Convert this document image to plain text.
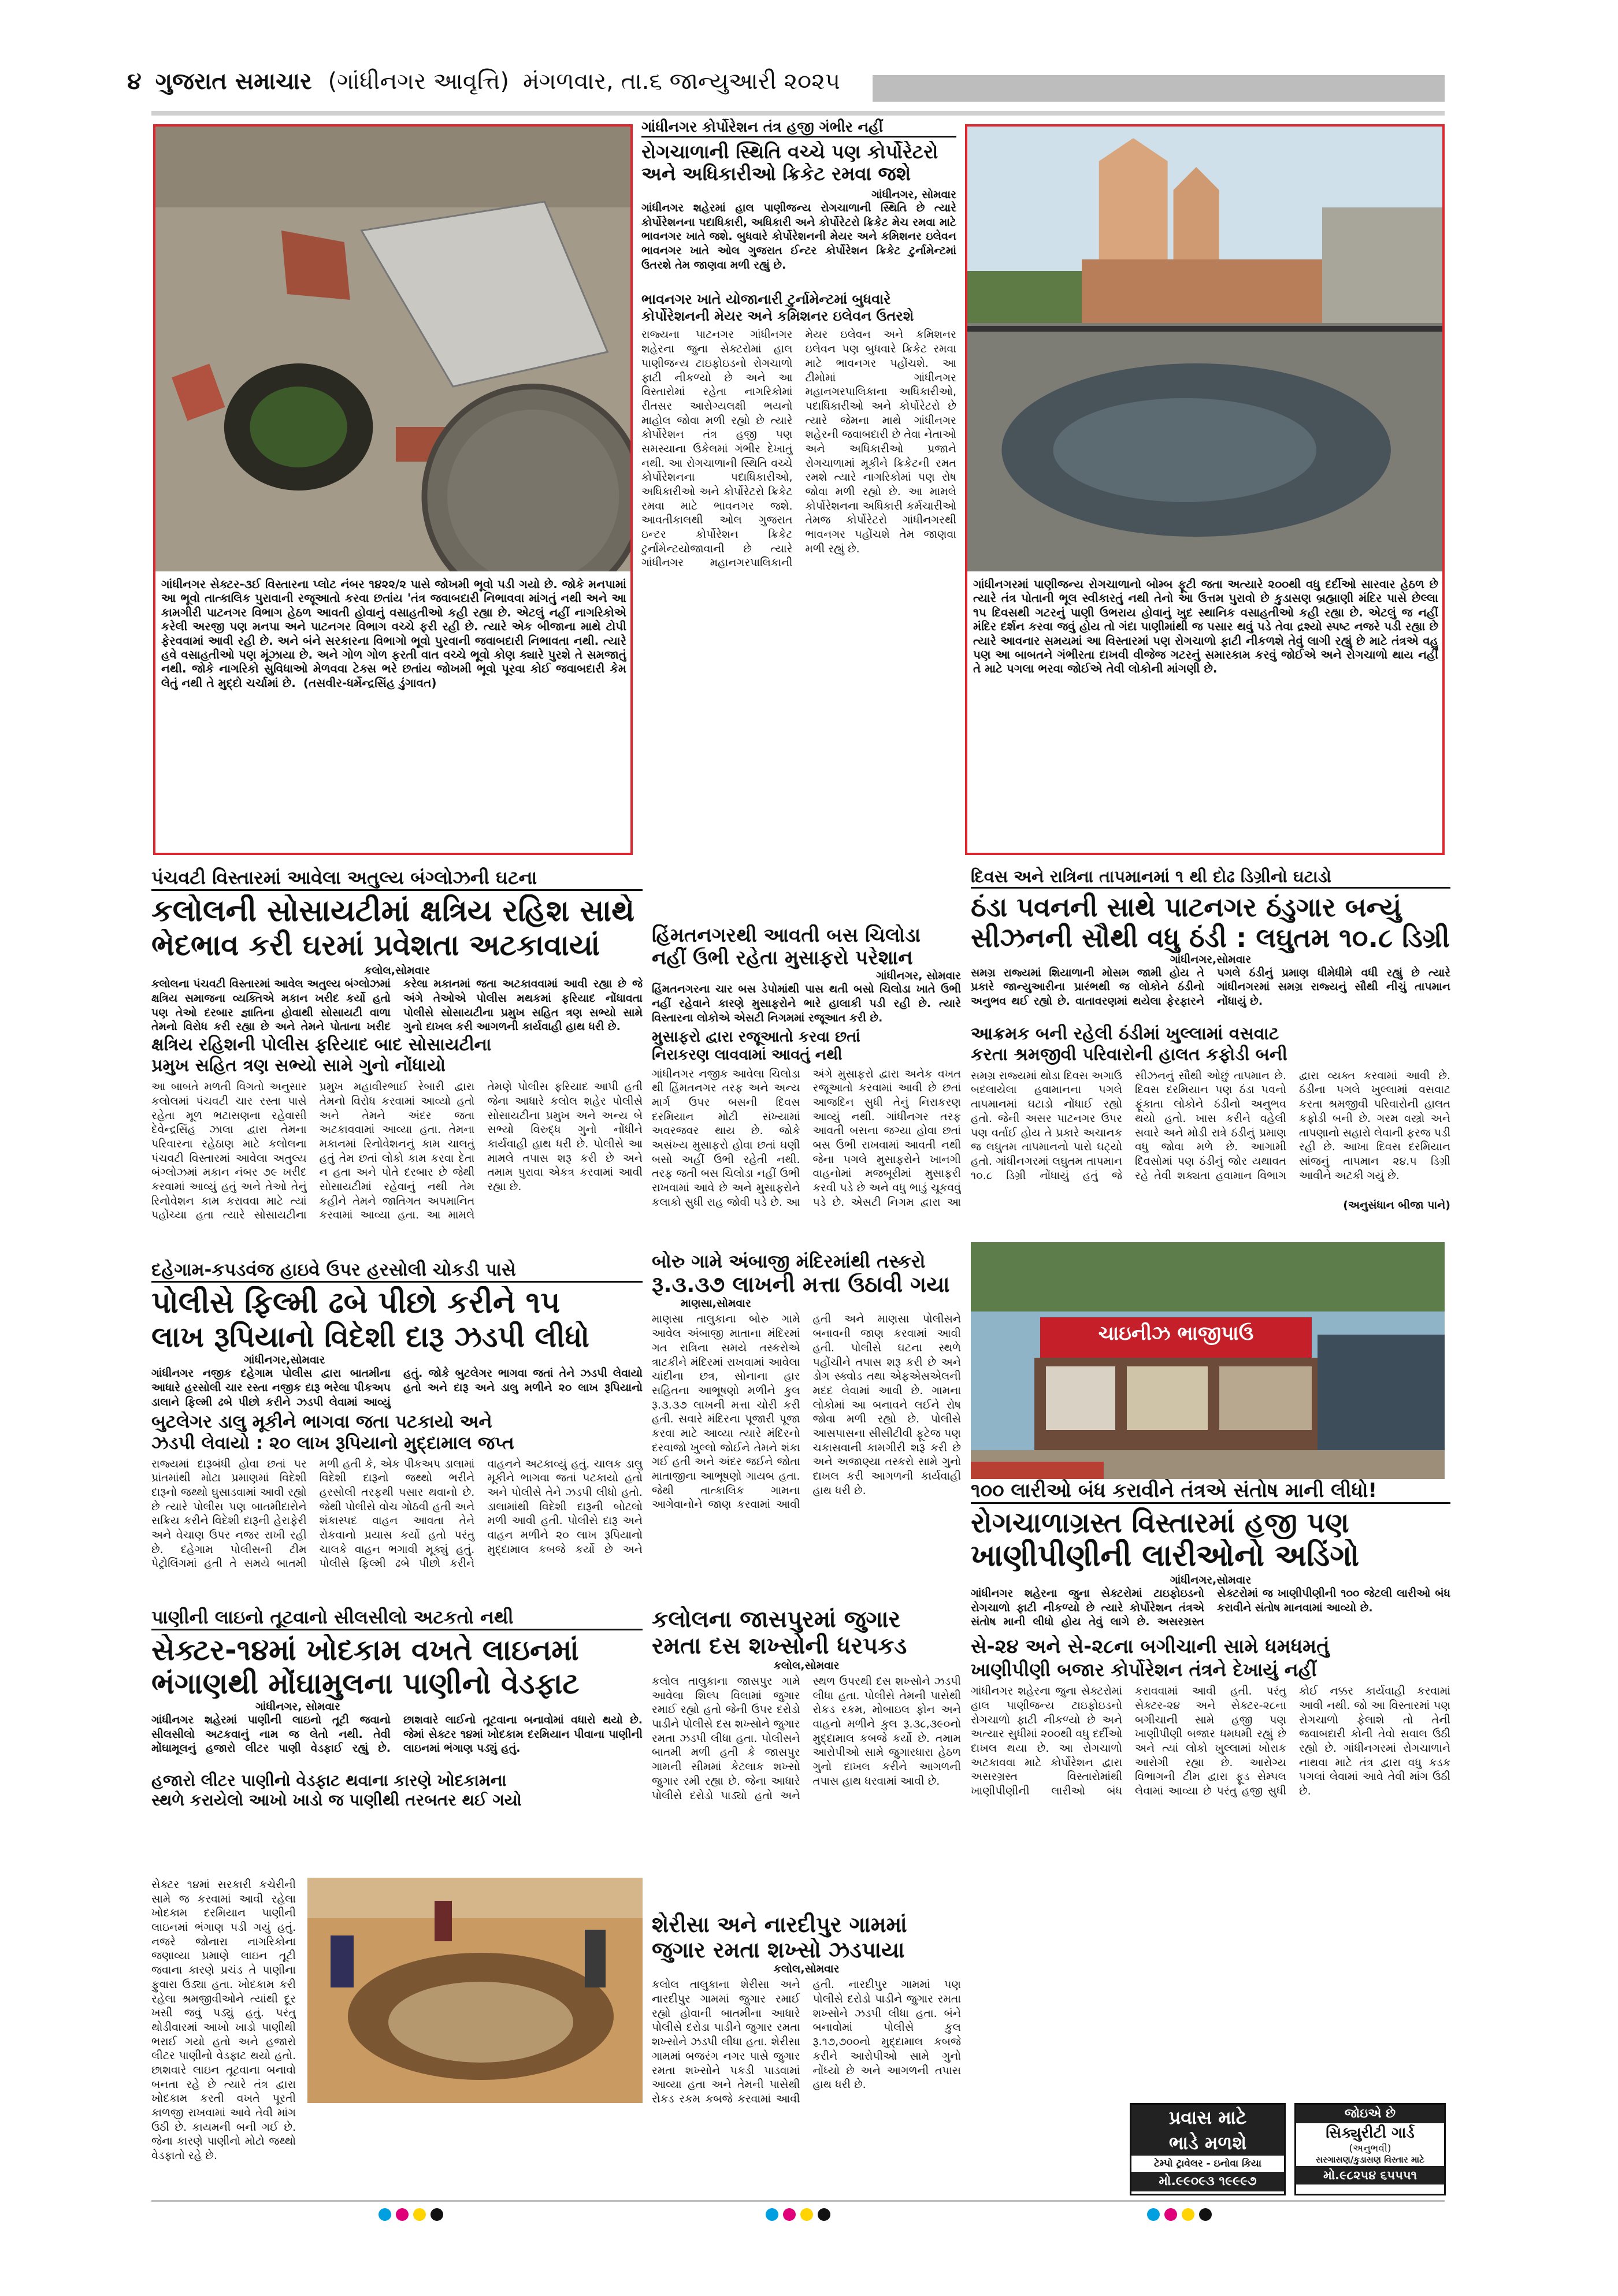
૪ ગુજરાત સમાચાર (ગાંધીનગર આવૃત્તિ) મંગળવાર, તા.૬ જાન્યુઆરી ૨૦૨૫
ગાંધીનગર સેક્ટર-૩ઈ વિસ્તારના પ્લોટ નંબર ૧૪૨૨/૨ પાસે જોખમી ભૂવો પડી ગયો છે. જોકે મનપામાં આ ભૂવો તાત્કાલિક પુરાવાની રજૂઆતો કરવા છતાંય 'તંત્ર જવાબદારી નિભાવવા માંગતું નથી અને આ કામગીરી પાટનગર વિભાગ હેઠળ આવતી હોવાનું વસાહતીઓ કહી રહ્યા છે. એટલું નહીં નાગરિકોએ કરેલી અરજી પણ મનપા અને પાટનગર વિભાગ વચ્ચે ફરી રહી છે. ત્યારે એક બીજાના માથે ટોપી ફેરવવામાં આવી રહી છે. અને બંને સરકારના વિભાગો ભૂવો પુરવાની જવાબદારી નિભાવતા નથી. ત્યારે હવે વસાહતીઓ પણ મૂંઝાયા છે. અને ગોળ ગોળ ફરતી વાત વચ્ચે ભૂવો કોણ ક્યારે પુરશે તે સમજાતું નથી. જોકે નાગરિકો સુવિધાઓ મેળવવા ટેક્સ ભરે છતાંય જોખમી ભૂવો પૂરવા કોઈ જવાબદારી કેમ લેતું નથી તે મુદ્દો ચર્ચામાં છે. (તસવીર-ધર્મેન્દ્રસિંહ ડુંગાવત)
ગાંધીનગરમાં પાણીજન્ય રોગચાળાનો બોમ્બ ફૂટી જતા અત્યારે ૨૦૦થી વધુ દર્દીઓ સારવાર હેઠળ છે ત્યારે તંત્ર પોતાની ભૂલ સ્વીકારતું નથી તેનો આ ઉત્તમ પુરાવો છે કુડાસણ બ્રહ્માણી મંદિર પાસે છેલ્લા ૧૫ દિવસથી ગટરનું પાણી ઉભરાય હોવાનું ખુદ સ્થાનિક વસાહતીઓ કહી રહ્યા છે. એટલું જ નહીં મંદિર દર્શન કરવા જવું હોય તો ગંદા પાણીમાંથી જ પસાર થવું પડે તેવા દ્રશ્યો સ્પષ્ટ નજરે પડી રહ્યા છે ત્યારે આવનાર સમયમાં આ વિસ્તારમાં પણ રોગચાળો ફાટી નીકળશે તેવું લાગી રહ્યું છે માટે તંત્રએ વહુ પણ આ બાબતને ગંભીરતા દાખવી વીજેજ ગટરનું સમારકામ કરવું જોઈએ અને રોગચાળો થાય નહીં તે માટે પગલા ભરવા જોઈએ તેવી લોકોની માંગણી છે.
ગાંધીનગર કોર્પોરેશન તંત્ર હજી ગંભીર નહીં
રોગચાળાની સ્થિતિ વચ્ચે પણ કોર્પોરેટરો
અને અધિકારીઓ ક્રિકેટ રમવા જશે
ગાંધીનગર, સોમવાર
ગાંધીનગર શહેરમાં હાલ પાણીજન્ય રોગચાળાની સ્થિતિ છે ત્યારે કોર્પોરેશનના પદાધિકારી, અધિકારી અને કોર્પોરેટરો ક્રિકેટ મેચ રમવા માટે ભાવનગર ખાતે જશે. બુધવારે કોર્પોરેશનની મેયર અને કમિશનર ઇલેવન ભાવનગર ખાતે ઓલ ગુજરાત ઈન્ટર કોર્પોરેશન ક્રિકેટ ટુર્નામેન્ટમાં ઉતરશે તેમ જાણવા મળી રહ્યું છે.
ભાવનગર ખાતે યોજાનારી ટુર્નામેન્ટમાં બુધવારે
કોર્પોરેશનની મેયર અને કમિશનર ઇલેવન ઉતરશે
રાજ્યના પાટનગર ગાંધીનગર શહેરના જુના સેક્ટરોમાં હાલ પાણીજન્ય ટાઇફોઇડનો રોગચાળો ફાટી નીકળ્યો છે અને આ વિસ્તારોમાં રહેતા નાગરિકોમાં રીતસર આરોગ્યલક્ષી ભયનો માહોલ જોવા મળી રહ્યો છે ત્યારે કોર્પોરેશન તંત્ર હજી પણ સમસ્યાના ઉકેલમાં ગંભીર દેખાતું નથી. આ રોગચાળાની સ્થિતિ વચ્ચે કોર્પોરેશનના પદાધિકારીઓ, અધિકારીઓ અને કોર્પોરેટરો ક્રિકેટ રમવા માટે ભાવનગર જશે. આવતીકાલથી ઓલ ગુજરાત ઇન્ટર કોર્પોરેશન ક્રિકેટ ટુર્નામેન્ટયોજાવાની છે ત્યારે ગાંધીનગર મહાનગરપાલિકાની મેયર ઇલેવન અને કમિશનર ઇલેવન પણ બુધવારે ક્રિકેટ રમવા માટે ભાવનગર પહોંચશે. આ ટીમોમાં ગાંધીનગર મહાનગરપાલિકાના અધિકારીઓ, પદાધિકારીઓ અને કોર્પોરેટરો છે ત્યારે જેમના માથે ગાંધીનગર શહેરની જવાબદારી છે તેવા નેતાઓ અને અધિકારીઓ પ્રજાને રોગચાળામાં મૂકીને ક્રિકેટની રમત રમશે ત્યારે નાગરિકોમાં પણ રોષ જોવા મળી રહ્યો છે. આ મામલે કોર્પોરેશનના અધિકારી કર્મચારીઓ તેમજ કોર્પોરેટરો ગાંધીનગરથી ભાવનગર પહોંચશે તેમ જાણવા મળી રહ્યું છે.
પંચવટી વિસ્તારમાં આવેલા અતુલ્ય બંગ્લોઝની ઘટના
કલોલની સોસાયટીમાં ક્ષત્રિય રહિશ સાથે
ભેદભાવ કરી ઘરમાં પ્રવેશતા અટકાવાયાં
કલોલ,સોમવાર
કલોલના પંચવટી વિસ્તારમાં આવેલ અતુલ્ય બંગ્લોઝમાં ક્ષત્રિય સમાજના વ્યક્તિએ મકાન ખરીદ કર્યો હતો પણ તેઓ દરબાર જ્ઞાતિના હોવાથી સોસાયટી વાળા તેમનો વિરોધ કરી રહ્યા છે અને તેમને પોતાના ખરીદ કરેલા મકાનમાં જતા અટકાવવામાં આવી રહ્યા છે જે અંગે તેઓએ પોલીસ મથકમાં ફરિયાદ નોંધાવતા પોલીસે સોસાયટીના પ્રમુખ સહિત ત્રણ સભ્યો સામે ગુનો દાખલ કરી આગળની કાર્યવાહી હાથ ધરી છે.
ક્ષત્રિય રહિશની પોલીસ ફરિયાદ બાદ સોસાયટીના
પ્રમુખ સહિત ત્રણ સભ્યો સામે ગુનો નોંધાયો
આ બાબતે મળતી વિગતો અનુસાર કલોલમાં પંચવટી ચાર રસ્તા પાસે રહેતા મૂળ ભટાસણના રહેવાસી દેવેન્દ્રસિંહ ઝાલા દ્વારા તેમના પરિવારના રહેઠાણ માટે કલોલના પંચવટી વિસ્તારમાં આવેલા અતુલ્ય બંગ્લોઝમાં મકાન નંબર ૭૯ ખરીદ કરવામાં આવ્યું હતું અને તેઓ તેનું રિનોવેશન કામ કરાવવા માટે ત્યાં પહોંચ્યા હતા ત્યારે સોસાયટીના પ્રમુખ મહાવીરભાઈ રેબારી દ્વારા તેમનો વિરોધ કરવામાં આવ્યો હતો અને તેમને અંદર જતા અટકાવવામાં આવ્યા હતા. તેમના મકાનમાં રિનોવેશનનું કામ ચાલતું હતું તેમ છતાં લોકો કામ કરવા દેતા ન હતા અને પોતે દરબાર છે જેથી સોસાયટીમાં રહેવાનું નથી તેમ કહીને તેમને જાતિગત અપમાનિત કરવામાં આવ્યા હતા. આ મામલે તેમણે પોલીસ ફરિયાદ આપી હતી જેના આધારે કલોલ શહેર પોલીસે સોસાયટીના પ્રમુખ અને અન્ય બે સભ્યો વિરુદ્ધ ગુનો નોંધીને કાર્યવાહી હાથ ધરી છે. પોલીસે આ મામલે તપાસ શરૂ કરી છે અને તમામ પુરાવા એકત્ર કરવામાં આવી રહ્યા છે.
હિંમતનગરથી આવતી બસ ચિલોડા
નહીં ઉભી રહેતા મુસાફરો પરેશાન
ગાંધીનગર, સોમવાર
હિંમતનગરના ચાર બસ ડેપોમાંથી પાસ થતી બસો ચિલોડા ખાતે ઉભી નહીં રહેવાને કારણે મુસાફરોને ભારે હાલાકી પડી રહી છે. ત્યારે વિસ્તારના લોકોએ એસટી નિગમમાં રજૂઆત કરી છે.
મુસાફરો દ્વારા રજૂઆતો કરવા છતાં
નિરાકરણ લાવવામાં આવતું નથી
ગાંધીનગર નજીક આવેલા ચિલોડા થી હિંમતનગર તરફ અને અન્ય માર્ગ ઉપર બસની દિવસ દરમિયાન મોટી સંખ્યામાં અવરજવર થાય છે. જોકે અસંખ્ય મુસાફરો હોવા છતાં ઘણી બસો અહીં ઉભી રહેતી નથી. તરફ જતી બસ ચિલોડા નહીં ઉભી રાખવામાં આવે છે અને મુસાફરોને કલાકો સુધી રાહ જોવી પડે છે. આ અંગે મુસાફરો દ્વારા અનેક વખત રજૂઆતો કરવામાં આવી છે છતાં આજદિન સુધી તેનું નિરાકરણ આવ્યું નથી. ગાંધીનગર તરફ આવતી બસના જગ્યા હોવા છતાં બસ ઉભી રાખવામાં આવતી નથી જેના પગલે મુસાફરોને ખાનગી વાહનોમાં મજબૂરીમાં મુસાફરી કરવી પડે છે અને વધુ ભાડું ચૂકવવું પડે છે. એસટી નિગમ દ્વારા આ
દિવસ અને રાત્રિના તાપમાનમાં ૧ થી દોઢ ડિગ્રીનો ઘટાડો
ઠંડા પવનની સાથે પાટનગર ઠંડુગાર બન્યું
સીઝનની સૌથી વધુ ઠંડી : લઘુતમ ૧૦.૮ ડિગ્રી
ગાંધીનગર,સોમવાર
સમગ્ર રાજ્યમાં શિયાળાની મોસમ જામી હોય તે પ્રકારે જાન્યુઆરીના પ્રારંભથી જ લોકોને ઠંડીનો અનુભવ થઈ રહ્યો છે. વાતાવરણમાં થયેલા ફેરફારને પગલે ઠંડીનું પ્રમાણ ધીમેધીમે વધી રહ્યું છે ત્યારે ગાંધીનગરમાં સમગ્ર રાજ્યનું સૌથી નીચું તાપમાન નોંધાયું છે.
આક્રમક બની રહેલી ઠંડીમાં ખુલ્લામાં વસવાટ
કરતા શ્રમજીવી પરિવારોની હાલત કફોડી બની
સમગ્ર રાજ્યમાં થોડા દિવસ અગાઉ બદલાયેલા હવામાનના પગલે તાપમાનમાં ઘટાડો નોંધાઈ રહ્યો હતો. જેની અસર પાટનગર ઉપર પણ વર્તાઈ હોય તે પ્રકારે અચાનક જ લઘુતમ તાપમાનનો પારો ઘટ્યો હતો. ગાંધીનગરમાં લઘુતમ તાપમાન ૧૦.૮ ડિગ્રી નોંધાયું હતું જે સીઝનનું સૌથી ઓછું તાપમાન છે. દિવસ દરમિયાન પણ ઠંડા પવનો ફૂંકાતા લોકોને ઠંડીનો અનુભવ થયો હતો. ખાસ કરીને વહેલી સવારે અને મોડી રાત્રે ઠંડીનું પ્રમાણ વધુ જોવા મળે છે. આગામી દિવસોમાં પણ ઠંડીનું જોર યથાવત રહે તેવી શક્યતા હવામાન વિભાગ દ્વારા વ્યક્ત કરવામાં આવી છે. ઠંડીના પગલે ખુલ્લામાં વસવાટ કરતા શ્રમજીવી પરિવારોની હાલત કફોડી બની છે. ગરમ વસ્ત્રો અને તાપણાનો સહારો લેવાની ફરજ પડી રહી છે. આખા દિવસ દરમિયાન સાંજનું તાપમાન ૨૪.૫ ડિગ્રી આવીને અટકી ગયું છે.
(અનુસંધાન બીજા પાને)
દહેગામ-કપડવંજ હાઇવે ઉપર હરસોલી ચોકડી પાસે
પોલીસે ફિલ્મી ઢબે પીછો કરીને ૧૫
લાખ રૂપિયાનો વિદેશી દારૂ ઝડપી લીધો
ગાંધીનગર,સોમવાર
ગાંધીનગર નજીક દહેગામ પોલીસ દ્વારા બાતમીના આધારે હરસોલી ચાર રસ્તા નજીક દારૂ ભરેલા પીકઅપ ડાલાને ફિલ્મી ઢબે પીછો કરીને ઝડપી લેવામાં આવ્યું હતું. જોકે બુટલેગર ભાગવા જતાં તેને ઝડપી લેવાયો હતો અને દારૂ અને ડાલુ મળીને ૨૦ લાખ રૂપિયાનો
બુટલેગર ડાલુ મૂકીને ભાગવા જતા પટકાયો અને
ઝડપી લેવાયો : ૨૦ લાખ રૂપિયાનો મુદ્દામાલ જપ્ત
રાજ્યમાં દારૂબંધી હોવા છતાં પર પ્રાંતમાંથી મોટા પ્રમાણમાં વિદેશી દારૂનો જથ્થો ઘુસાડવામાં આવી રહ્યો છે ત્યારે પોલીસ પણ બાતમીદારોને સક્રિય કરીને વિદેશી દારૂની હેરાફેરી અને વેચાણ ઉપર નજર રાખી રહી છે. દહેગામ પોલીસની ટીમ પેટ્રોલિંગમાં હતી તે સમયે બાતમી મળી હતી કે, એક પીકઅપ ડાલામાં વિદેશી દારૂનો જથ્થો ભરીને હરસોલી તરફથી પસાર થવાનો છે. જેથી પોલીસે વોચ ગોઠવી હતી અને શંકાસ્પદ વાહન આવતા તેને રોકવાનો પ્રયાસ કર્યો હતો પરંતુ ચાલકે વાહન ભગાવી મૂક્યું હતું. પોલીસે ફિલ્મી ઢબે પીછો કરીને વાહનને અટકાવ્યું હતું. ચાલક ડાલુ મૂકીને ભાગવા જતાં પટકાયો હતો અને પોલીસે તેને ઝડપી લીધો હતો. ડાલામાંથી વિદેશી દારૂની બોટલો મળી આવી હતી. પોલીસે દારૂ અને વાહન મળીને ૨૦ લાખ રૂપિયાનો મુદ્દામાલ કબજે કર્યો છે અને
બોરુ ગામે અંબાજી મંદિરમાંથી તસ્કરો
રૂ.૩.૩૭ લાખની મત્તા ઉઠાવી ગયા
માણસા,સોમવાર
માણસા તાલુકાના બોરુ ગામે આવેલ અંબાજી માતાના મંદિરમાં ગત રાત્રિના સમયે તસ્કરોએ ત્રાટકીને મંદિરમાં રાખવામાં આવેલા ચાંદીના છત્ર, સોનાના હાર સહિતના આભૂષણો મળીને કુલ રૂ.૩.૩૭ લાખની મત્તા ચોરી કરી હતી. સવારે મંદિરના પૂજારી પૂજા કરવા માટે આવ્યા ત્યારે મંદિરનો દરવાજો ખુલ્લો જોઈને તેમને શંકા ગઈ હતી અને અંદર જઈને જોતા માતાજીના આભૂષણો ગાયબ હતા. જેથી તાત્કાલિક ગામના આગેવાનોને જાણ કરવામાં આવી હતી અને માણસા પોલીસને બનાવની જાણ કરવામાં આવી હતી. પોલીસે ઘટના સ્થળે પહોંચીને તપાસ શરૂ કરી છે અને ડોગ સ્ક્વોડ તથા એફએસએલની મદદ લેવામાં આવી છે. ગામના લોકોમાં આ બનાવને લઈને રોષ જોવા મળી રહ્યો છે. પોલીસે આસપાસના સીસીટીવી ફૂટેજ પણ ચકાસવાની કામગીરી શરૂ કરી છે અને અજાણ્યા તસ્કરો સામે ગુનો દાખલ કરી આગળની કાર્યવાહી હાથ ધરી છે.
ચાઇનીઝ ભાજીપાઉં
૧૦૦ લારીઓ બંધ કરાવીને તંત્રએ સંતોષ માની લીધો!
રોગચાળાગ્રસ્ત વિસ્તારમાં હજી પણ
ખાણીપીણીની લારીઓનો અડિંગો
ગાંધીનગર,સોમવાર
ગાંધીનગર શહેરના જુના સેક્ટરોમાં ટાઇફોઇડનો રોગચાળો ફાટી નીકળ્યો છે ત્યારે કોર્પોરેશન તંત્રએ સંતોષ માની લીધો હોય તેવું લાગે છે. અસરગ્રસ્ત સેક્ટરોમાં જ ખાણીપીણીની ૧૦૦ જેટલી લારીઓ બંધ કરાવીને સંતોષ માનવામાં આવ્યો છે.
સે-૨૪ અને સે-૨૮ના બગીચાની સામે ધમધમતું
ખાણીપીણી બજાર કોર્પોરેશન તંત્રને દેખાયું નહીં
ગાંધીનગર શહેરના જુના સેક્ટરોમાં હાલ પાણીજન્ય ટાઇફોઇડનો રોગચાળો ફાટી નીકળ્યો છે અને અત્યાર સુધીમાં ૨૦૦થી વધુ દર્દીઓ દાખલ થયા છે. આ રોગચાળો અટકાવવા માટે કોર્પોરેશન દ્વારા અસરગ્રસ્ત વિસ્તારોમાંથી ખાણીપીણીની લારીઓ બંધ કરાવવામાં આવી હતી. પરંતુ સેક્ટર-૨૪ અને સેક્ટર-૨૮ના બગીચાની સામે હજી પણ ખાણીપીણી બજાર ધમધમી રહ્યું છે અને ત્યાં લોકો ખુલ્લામાં ખોરાક આરોગી રહ્યા છે. આરોગ્ય વિભાગની ટીમ દ્વારા ફૂડ સેમ્પલ લેવામાં આવ્યા છે પરંતુ હજી સુધી કોઈ નક્કર કાર્યવાહી કરવામાં આવી નથી. જો આ વિસ્તારમાં પણ રોગચાળો ફેલાશે તો તેની જવાબદારી કોની તેવો સવાલ ઉઠી રહ્યો છે. ગાંધીનગરમાં રોગચાળાને નાથવા માટે તંત્ર દ્વારા વધુ કડક પગલાં લેવામાં આવે તેવી માંગ ઉઠી છે.
પાણીની લાઇનો તૂટવાનો સીલસીલો અટકતો નથી
સેક્ટર-૧૪માં ખોદકામ વખતે લાઇનમાં
ભંગાણથી મોંઘામુલના પાણીનો વેડફાટ
ગાંધીનગર, સોમવાર
ગાંધીનગર શહેરમાં પાણીની લાઇનો તૂટી જવાનો સીલસીલો અટકવાનું નામ જ લેતો નથી. તેવી મોંઘામૂલનું હજારો લીટર પાણી વેડફાઈ રહ્યું છે. છાશવારે લાઈનો તૂટવાના બનાવોમાં વધારો થયો છે. જેમાં સેક્ટર ૧૪માં ખોદકામ દરમિયાન પીવાના પાણીની લાઇનમાં ભંગાણ પડ્યું હતું.
હજારો લીટર પાણીનો વેડફાટ થવાના કારણે ખોદકામના
સ્થળે કરાયેલો આખો ખાડો જ પાણીથી તરબતર થઈ ગયો
સેક્ટર ૧૪માં સરકારી કચેરીની સામે જ કરવામાં આવી રહેલા ખોદકામ દરમિયાન પાણીની લાઇનમાં ભંગાણ પડી ગયું હતું. નજરે જોનારા નાગરિકોના જણાવ્યા પ્રમાણે લાઇન તૂટી જવાના કારણે પ્રચંડ તે પાણીના ફુવારા ઉડ્યા હતા. ખોદકામ કરી રહેલા શ્રમજીવીઓને ત્યાંથી દૂર ખસી જવું પડ્યું હતું. પરંતુ થોડીવારમાં આખો ખાડો પાણીથી ભરાઈ ગયો હતો અને હજારો લીટર પાણીનો વેડફાટ થયો હતો. છાશવારે લાઇન તૂટવાના બનાવો બનતા રહે છે ત્યારે તંત્ર દ્વારા ખોદકામ કરતી વખતે પૂરતી કાળજી રાખવામાં આવે તેવી માંગ ઉઠી છે. કાયમની બની ગઈ છે. જેના કારણે પાણીનો મોટો જથ્થો વેડફાતો રહે છે.
કલોલના જાસપુરમાં જુગાર
રમતા દસ શખ્સોની ધરપકડ
કલોલ,સોમવાર
કલોલ તાલુકાના જાસપુર ગામે આવેલા શિલ્પ વિલામાં જુગાર રમાઈ રહ્યો હતો જેની ઉપર દરોડો પાડીને પોલીસે દસ શખ્સોને જુગાર રમતા ઝડપી લીધા હતા. પોલીસને બાતમી મળી હતી કે જાસપુર ગામની સીમમાં કેટલાક શખ્સો જુગાર રમી રહ્યા છે. જેના આધારે પોલીસે દરોડો પાડ્યો હતો અને સ્થળ ઉપરથી દસ શખ્સોને ઝડપી લીધા હતા. પોલીસે તેમની પાસેથી રોકડ રકમ, મોબાઇલ ફોન અને વાહનો મળીને કુલ રૂ.૩૮,૩૯૦નો મુદ્દામાલ કબજે કર્યો છે. તમામ આરોપીઓ સામે જુગારધારા હેઠળ ગુનો દાખલ કરીને આગળની તપાસ હાથ ધરવામાં આવી છે.
શેરીસા અને નારદીપુર ગામમાં
જુગાર રમતા શખ્સો ઝડપાયા
કલોલ,સોમવાર
કલોલ તાલુકાના શેરીસા અને નારદીપુર ગામમાં જુગાર રમાઈ રહ્યો હોવાની બાતમીના આધારે પોલીસે દરોડા પાડીને જુગાર રમતા શખ્સોને ઝડપી લીધા હતા. શેરીસા ગામમાં બજરંગ નગર પાસે જુગાર રમતા શખ્સોને પકડી પાડવામાં આવ્યા હતા અને તેમની પાસેથી રોકડ રકમ કબજે કરવામાં આવી હતી. નારદીપુર ગામમાં પણ પોલીસે દરોડો પાડીને જુગાર રમતા શખ્સોને ઝડપી લીધા હતા. બંને બનાવોમાં પોલીસે કુલ રૂ.૧૭,૭૦૦નો મુદ્દામાલ કબજે કરીને આરોપીઓ સામે ગુનો નોંધ્યો છે અને આગળની તપાસ હાથ ધરી છે.
પ્રવાસ માટે
ભાડે મળશે
ટેમ્પો ટ્રાવેલર - ઇનોવા કિયા
મો.૯૯૦૯૩ ૧૯૯૯૭
જોઇએ છે
સિક્યુરીટી ગાર્ડ
(અનુભવી)
સરગાસણ/કુડાસણ વિસ્તાર માટે
મો.૯૮૨૫૪ ૬૫૫૫૧
